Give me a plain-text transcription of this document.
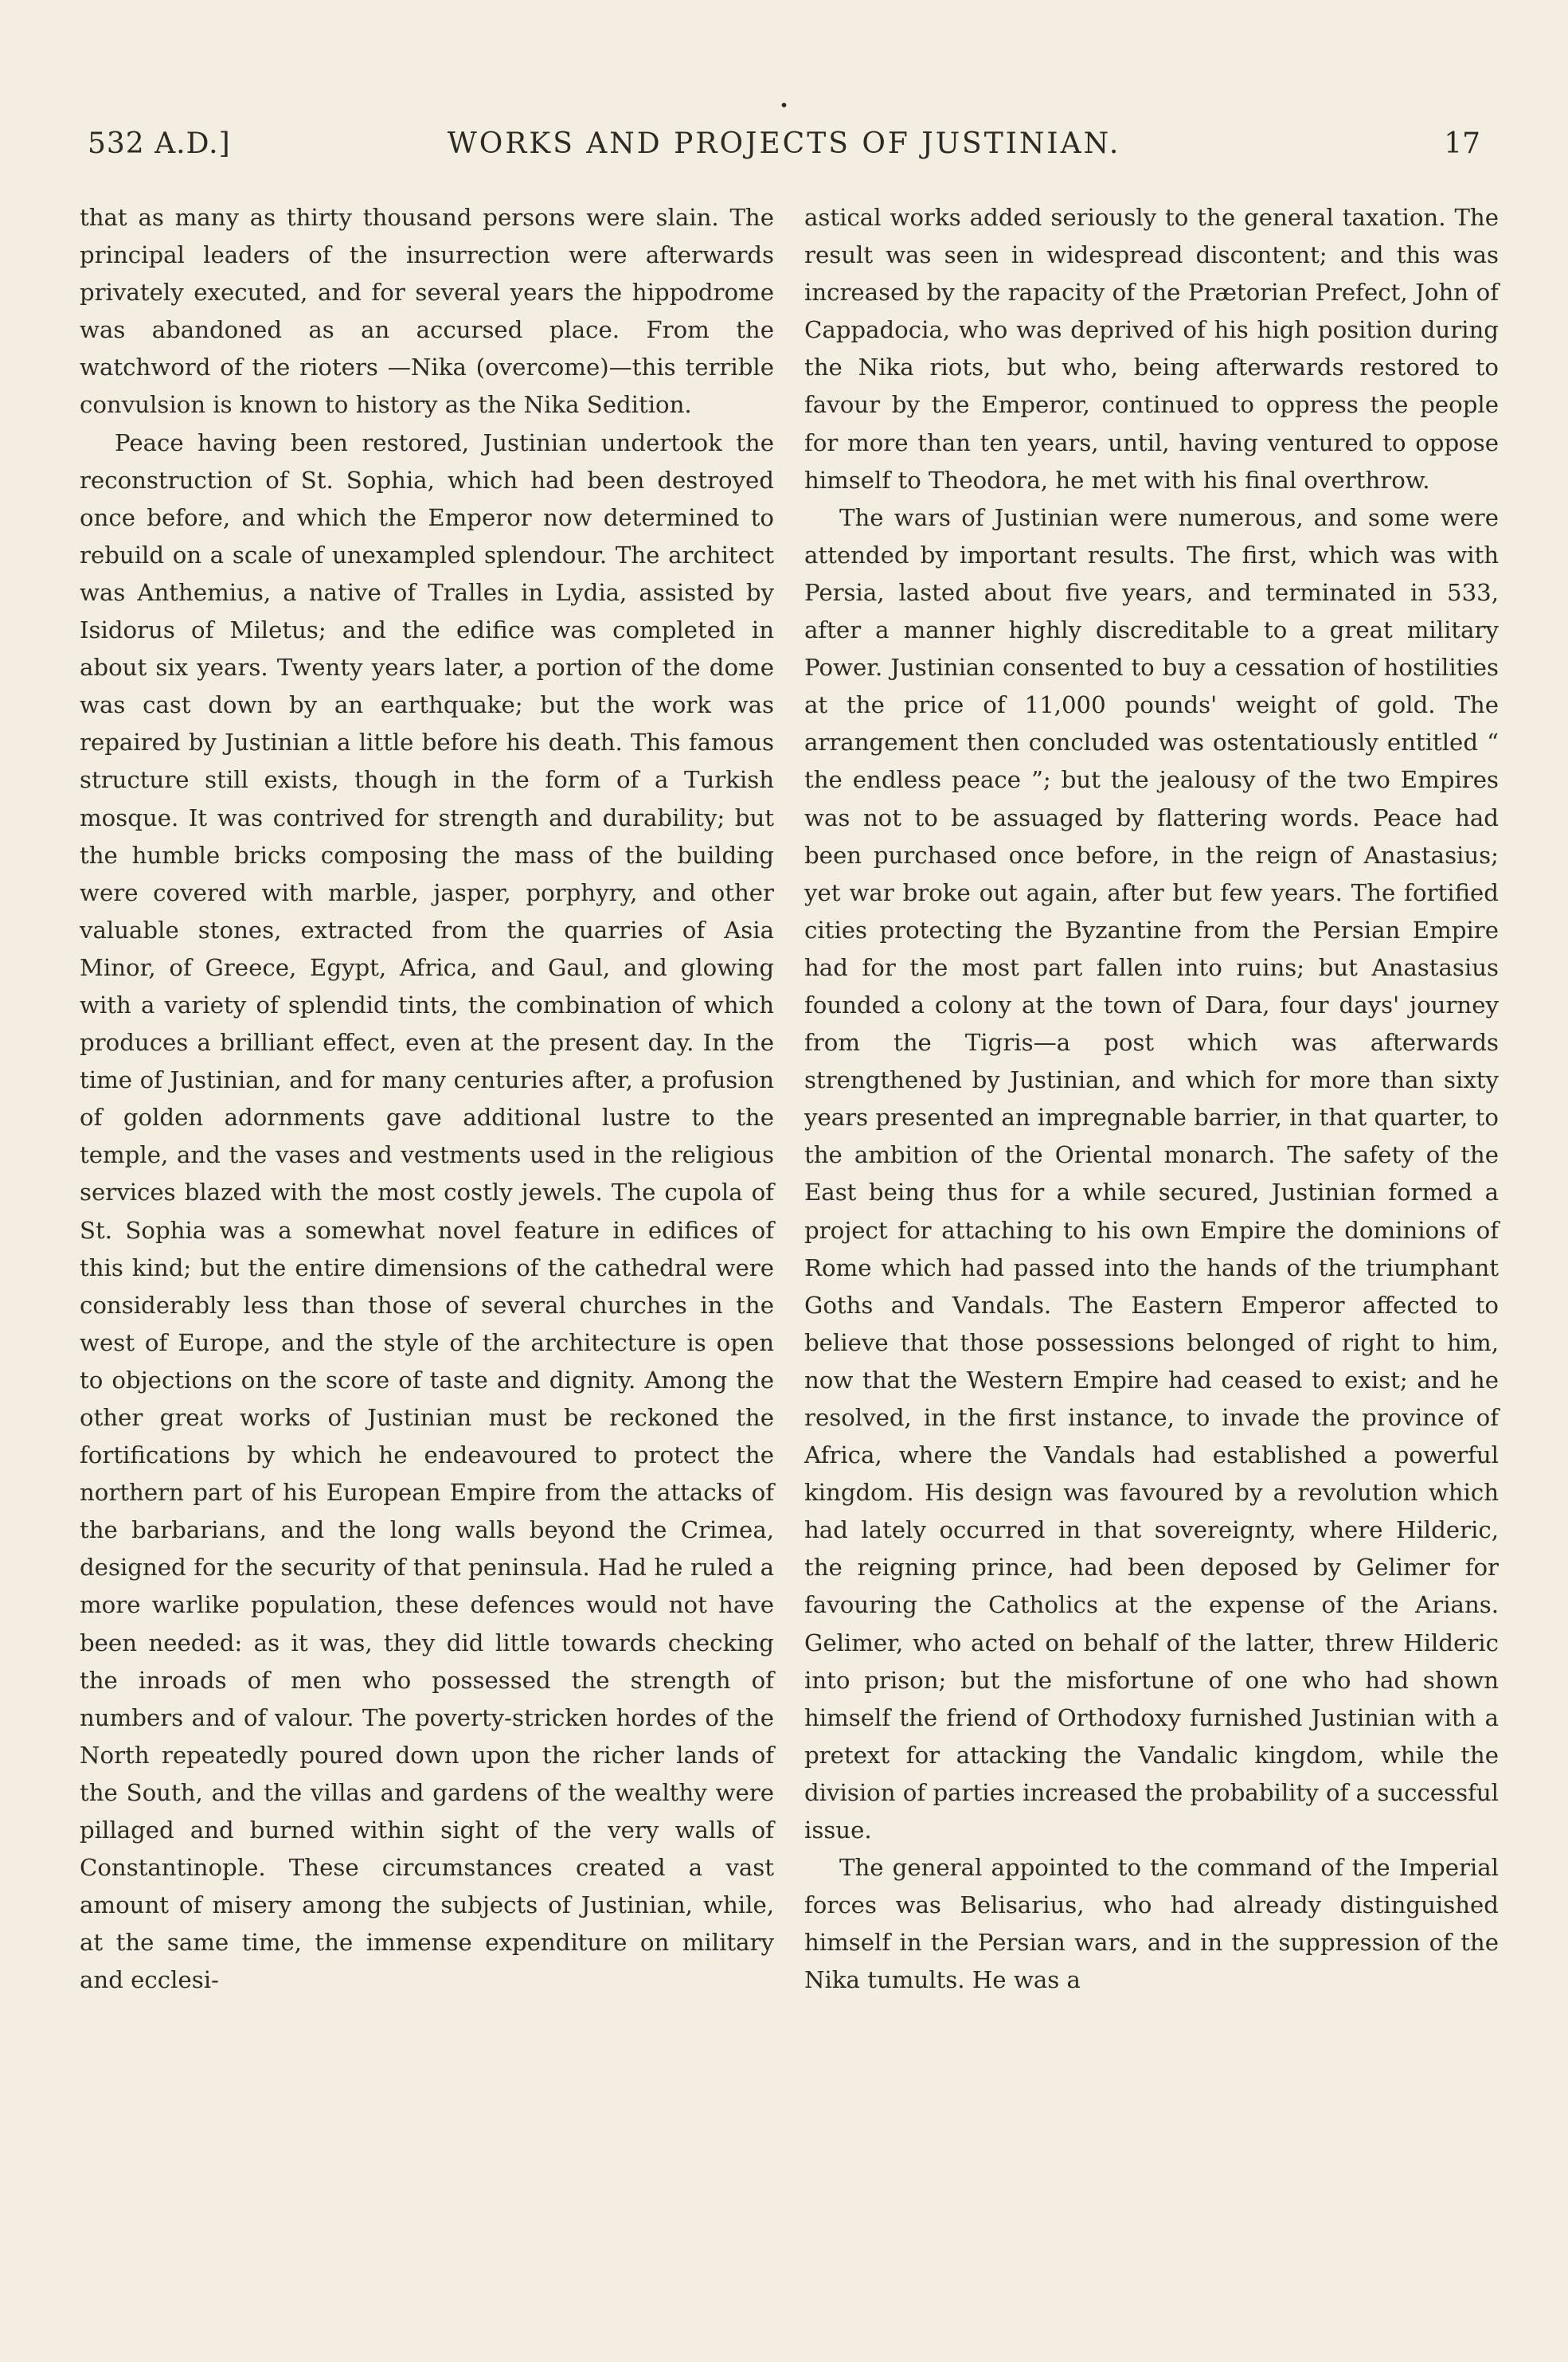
•
532 A.D.]	WORKS AND PROJECTS OF JUSTINIAN.	17

that as many as thirty thousand persons were slain. The principal leaders of the insurrection were afterwards privately executed, and for several years the hippodrome was abandoned as an accursed place. From the watchword of the rioters —Nika (overcome)—this terrible convulsion is known to history as the Nika Sedition.

Peace having been restored, Justinian undertook the reconstruction of St. Sophia, which had been destroyed once before, and which the Emperor now determined to rebuild on a scale of unexampled splendour. The architect was Anthemius, a native of Tralles in Lydia, assisted by Isidorus of Miletus; and the edifice was completed in about six years. Twenty years later, a portion of the dome was cast down by an earthquake; but the work was repaired by Justinian a little before his death. This famous structure still exists, though in the form of a Turkish mosque. It was contrived for strength and durability; but the humble bricks composing the mass of the building were covered with marble, jasper, porphyry, and other valuable stones, extracted from the quarries of Asia Minor, of Greece, Egypt, Africa, and Gaul, and glowing with a variety of splendid tints, the combination of which produces a brilliant effect, even at the present day. In the time of Justinian, and for many centuries after, a profusion of golden adornments gave additional lustre to the temple, and the vases and vestments used in the religious services blazed with the most costly jewels. The cupola of St. Sophia was a somewhat novel feature in edifices of this kind; but the entire dimensions of the cathedral were considerably less than those of several churches in the west of Europe, and the style of the architecture is open to objections on the score of taste and dignity. Among the other great works of Justinian must be reckoned the fortifications by which he endeavoured to protect the northern part of his European Empire from the attacks of the barbarians, and the long walls beyond the Crimea, designed for the security of that peninsula. Had he ruled a more warlike population, these defences would not have been needed: as it was, they did little towards checking the inroads of men who possessed the strength of numbers and of valour. The poverty-stricken hordes of the North repeatedly poured down upon the richer lands of the South, and the villas and gardens of the wealthy were pillaged and burned within sight of the very walls of Constantinople. These circumstances created a vast amount of misery among the subjects of Justinian, while, at the same time, the immense expenditure on military and ecclesi-

astical works added seriously to the general taxation. The result was seen in widespread discontent; and this was increased by the rapacity of the Prætorian Prefect, John of Cappadocia, who was deprived of his high position during the Nika riots, but who, being afterwards restored to favour by the Emperor, continued to oppress the people for more than ten years, until, having ventured to oppose himself to Theodora, he met with his final overthrow.

The wars of Justinian were numerous, and some were attended by important results. The first, which was with Persia, lasted about five years, and terminated in 533, after a manner highly discreditable to a great military Power. Justinian consented to buy a cessation of hostilities at the price of 11,000 pounds' weight of gold. The arrangement then concluded was ostentatiously entitled “ the endless peace ”; but the jealousy of the two Empires was not to be assuaged by flattering words. Peace had been purchased once before, in the reign of Anastasius; yet war broke out again, after but few years. The fortified cities protecting the Byzantine from the Persian Empire had for the most part fallen into ruins; but Anastasius founded a colony at the town of Dara, four days' journey from the Tigris—a post which was afterwards strengthened by Justinian, and which for more than sixty years presented an impregnable barrier, in that quarter, to the ambition of the Oriental monarch. The safety of the East being thus for a while secured, Justinian formed a project for attaching to his own Empire the dominions of Rome which had passed into the hands of the triumphant Goths and Vandals. The Eastern Emperor affected to believe that those possessions belonged of right to him, now that the Western Empire had ceased to exist; and he resolved, in the first instance, to invade the province of Africa, where the Vandals had established a powerful kingdom. His design was favoured by a revolution which had lately occurred in that sovereignty, where Hilderic, the reigning prince, had been deposed by Gelimer for favouring the Catholics at the expense of the Arians. Gelimer, who acted on behalf of the latter, threw Hilderic into prison; but the misfortune of one who had shown himself the friend of Orthodoxy furnished Justinian with a pretext for attacking the Vandalic kingdom, while the division of parties increased the probability of a successful issue.

The general appointed to the command of the Imperial forces was Belisarius, who had already distinguished himself in the Persian wars, and in the suppression of the Nika tumults. He was a
